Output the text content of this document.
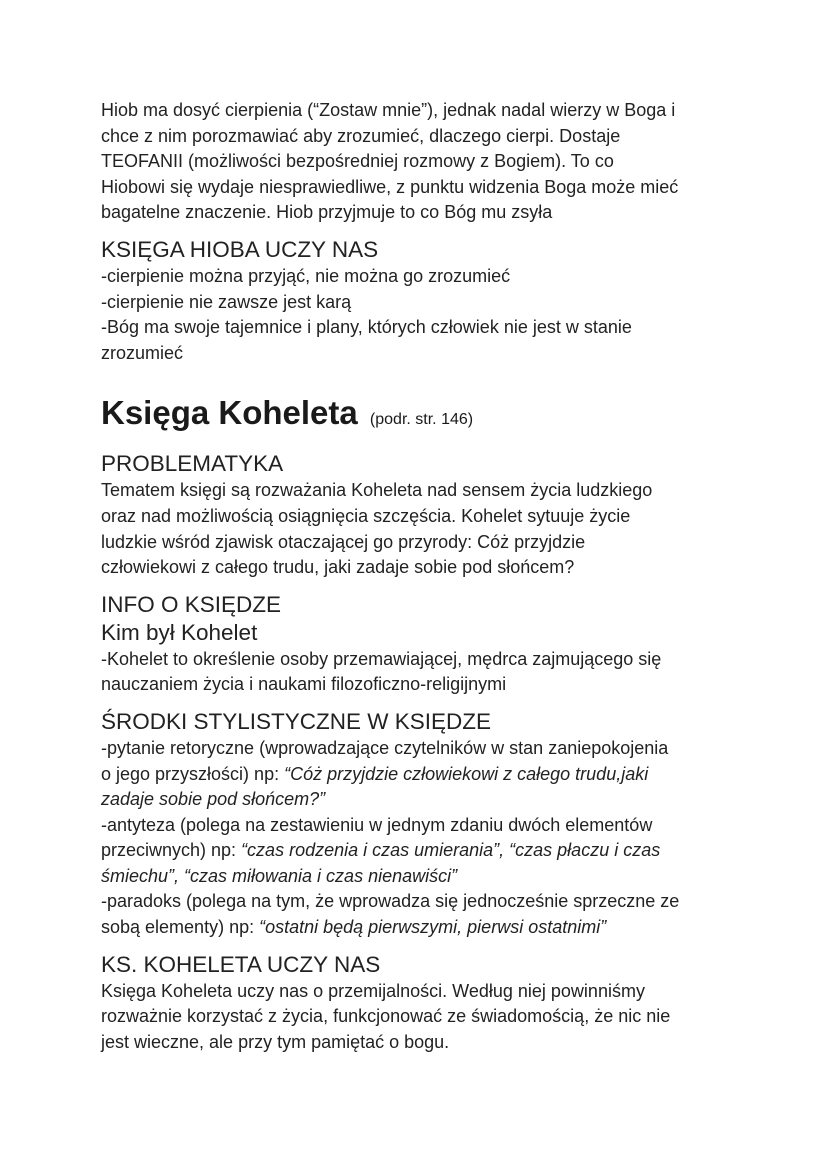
Hiob ma dosyć cierpienia (“Zostaw mnie”), jednak nadal wierzy w Boga i

chce z nim porozmawiać aby zrozumieć, dlaczego cierpi. Dostaje

TEOFANII (możliwości bezpośredniej rozmowy z Bogiem). To co

Hiobowi się wydaje niesprawiedliwe, z punktu widzenia Boga może mieć

bagatelne znaczenie. Hiob przyjmuje to co Bóg mu zsyła

KSIĘGA HIOBA UCZY NAS

-cierpienie można przyjąć, nie można go zrozumieć

-cierpienie nie zawsze jest karą

-Bóg ma swoje tajemnice i plany, których człowiek nie jest w stanie

zrozumieć

Księga Koheleta (podr. str. 146)
PROBLEMATYKA

Tematem księgi są rozważania Koheleta nad sensem życia ludzkiego

oraz nad możliwością osiągnięcia szczęścia. Kohelet sytuuje życie

ludzkie wśród zjawisk otaczającej go przyrody: Cóż przyjdzie

człowiekowi z całego trudu, jaki zadaje sobie pod słońcem?

INFO O KSIĘDZE
Kim był Kohelet

-Kohelet to określenie osoby przemawiającej, mędrca zajmującego się

nauczaniem życia i naukami filozoficzno-religijnymi

ŚRODKI STYLISTYCZNE W KSIĘDZE

-pytanie retoryczne (wprowadzające czytelników w stan zaniepokojenia

o jego przyszłości) np: “Cóż przyjdzie człowiekowi z całego trudu,jaki

zadaje sobie pod słońcem?”

-antyteza (polega na zestawieniu w jednym zdaniu dwóch elementów

przeciwnych) np: “czas rodzenia i czas umierania”, “czas płaczu i czas

śmiechu”, “czas miłowania i czas nienawiści”

-paradoks (polega na tym, że wprowadza się jednocześnie sprzeczne ze

sobą elementy) np: “ostatni będą pierwszymi, pierwsi ostatnimi”

KS. KOHELETA UCZY NAS

Księga Koheleta uczy nas o przemijalności. Według niej powinniśmy

rozważnie korzystać z życia, funkcjonować ze świadomością, że nic nie

jest wieczne, ale przy tym pamiętać o bogu.
